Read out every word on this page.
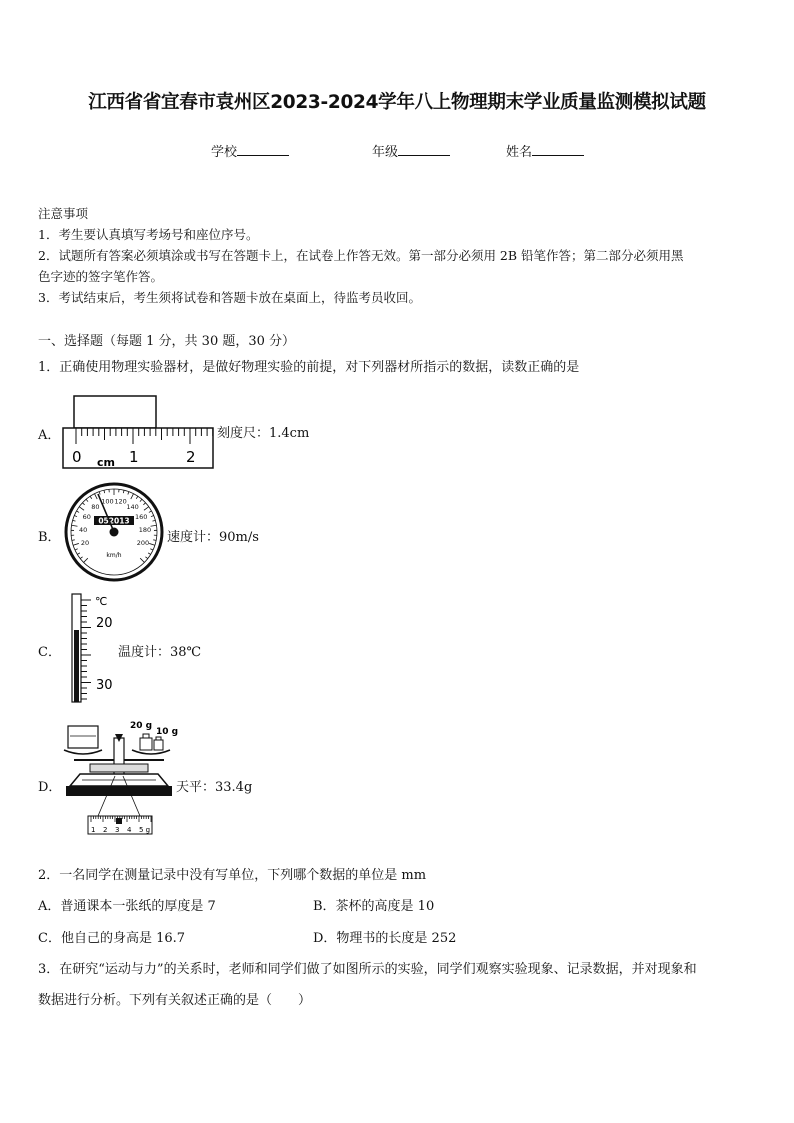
江西省省宜春市袁州区2023-2024学年八上物理期末学业质量监测模拟试题
学校	年级	姓名
注意事项
1．考生要认真填写考场号和座位序号。
2．试题所有答案必须填涂或书写在答题卡上，在试卷上作答无效。第一部分必须用 2B 铅笔作答；第二部分必须用黑
色字迹的签字笔作答。
3．考试结束后，考生须将试卷和答题卡放在桌面上，待监考员收回。
一、选择题（每题 1 分，共 30 题，30 分）
1．正确使用物理实验器材，是做好物理实验的前提，对下列器材所指示的数据，读数正确的是
A．
0	1	2
cm
刻度尺：1.4cm
B．	20
40
60
80
100 120
140
160
180
200
052013
km/h
速度计：90m/s
C．
℃
20
30
温度计：38℃
D．
20 g
10 g
1 2 3 4 5 g
天平：33.4g
2．一名同学在测量记录中没有写单位，下列哪个数据的单位是 mm
A．普通课本一张纸的厚度是 7	B．茶杯的高度是 10
C．他自己的身高是 16.7	D．物理书的长度是 252
3．在研究“运动与力”的关系时，老师和同学们做了如图所示的实验，同学们观察实验现象、记录数据，并对现象和
数据进行分析。下列有关叙述正确的是（　　）
